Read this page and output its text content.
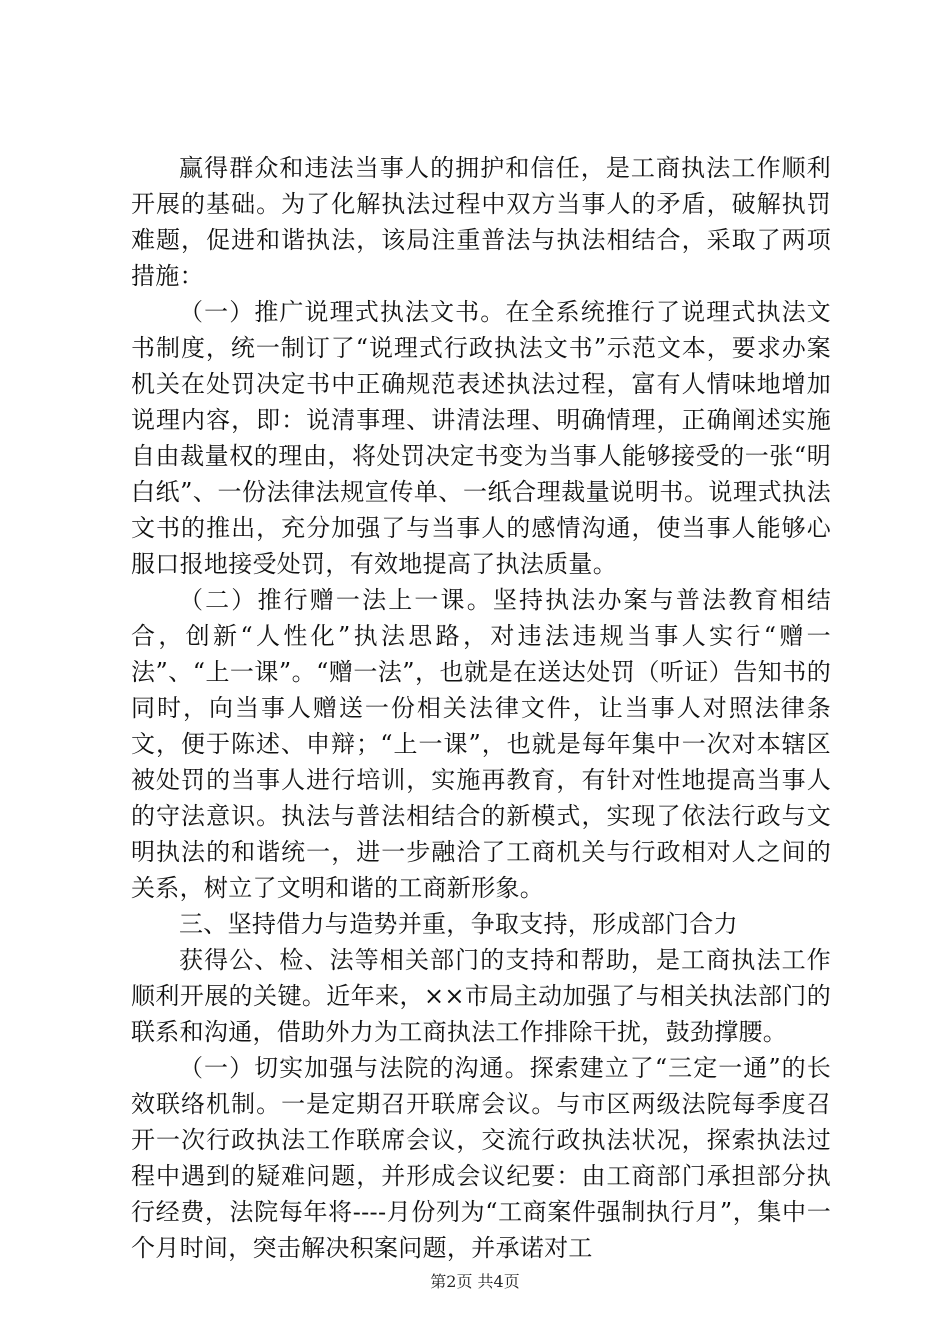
赢得群众和违法当事人的拥护和信任，是工商执法工作顺利开展的基础。为了化解执法过程中双方当事人的矛盾，破解执罚难题，促进和谐执法，该局注重普法与执法相结合，采取了两项措施：

（一）推广说理式执法文书。在全系统推行了说理式执法文书制度，统一制订了“说理式行政执法文书”示范文本，要求办案机关在处罚决定书中正确规范表述执法过程，富有人情味地增加说理内容，即：说清事理、讲清法理、明确情理，正确阐述实施自由裁量权的理由，将处罚决定书变为当事人能够接受的一张“明白纸”、一份法律法规宣传单、一纸合理裁量说明书。说理式执法文书的推出，充分加强了与当事人的感情沟通，使当事人能够心服口报地接受处罚，有效地提高了执法质量。

（二）推行赠一法上一课。坚持执法办案与普法教育相结合，创新“人性化”执法思路，对违法违规当事人实行“赠一法”、“上一课”。“赠一法”，也就是在送达处罚（听证）告知书的同时，向当事人赠送一份相关法律文件，让当事人对照法律条文，便于陈述、申辩；“上一课”，也就是每年集中一次对本辖区被处罚的当事人进行培训，实施再教育，有针对性地提高当事人的守法意识。执法与普法相结合的新模式，实现了依法行政与文明执法的和谐统一，进一步融洽了工商机关与行政相对人之间的关系，树立了文明和谐的工商新形象。

三、坚持借力与造势并重，争取支持，形成部门合力

获得公、检、法等相关部门的支持和帮助，是工商执法工作顺利开展的关键。近年来，××市局主动加强了与相关执法部门的联系和沟通，借助外力为工商执法工作排除干扰，鼓劲撑腰。

（一）切实加强与法院的沟通。探索建立了“三定一通”的长效联络机制。一是定期召开联席会议。与市区两级法院每季度召开一次行政执法工作联席会议，交流行政执法状况，探索执法过程中遇到的疑难问题，并形成会议纪要：由工商部门承担部分执行经费，法院每年将----月份列为“工商案件强制执行月”，集中一个月时间，突击解决积案问题，并承诺对工

第2页 共4页
